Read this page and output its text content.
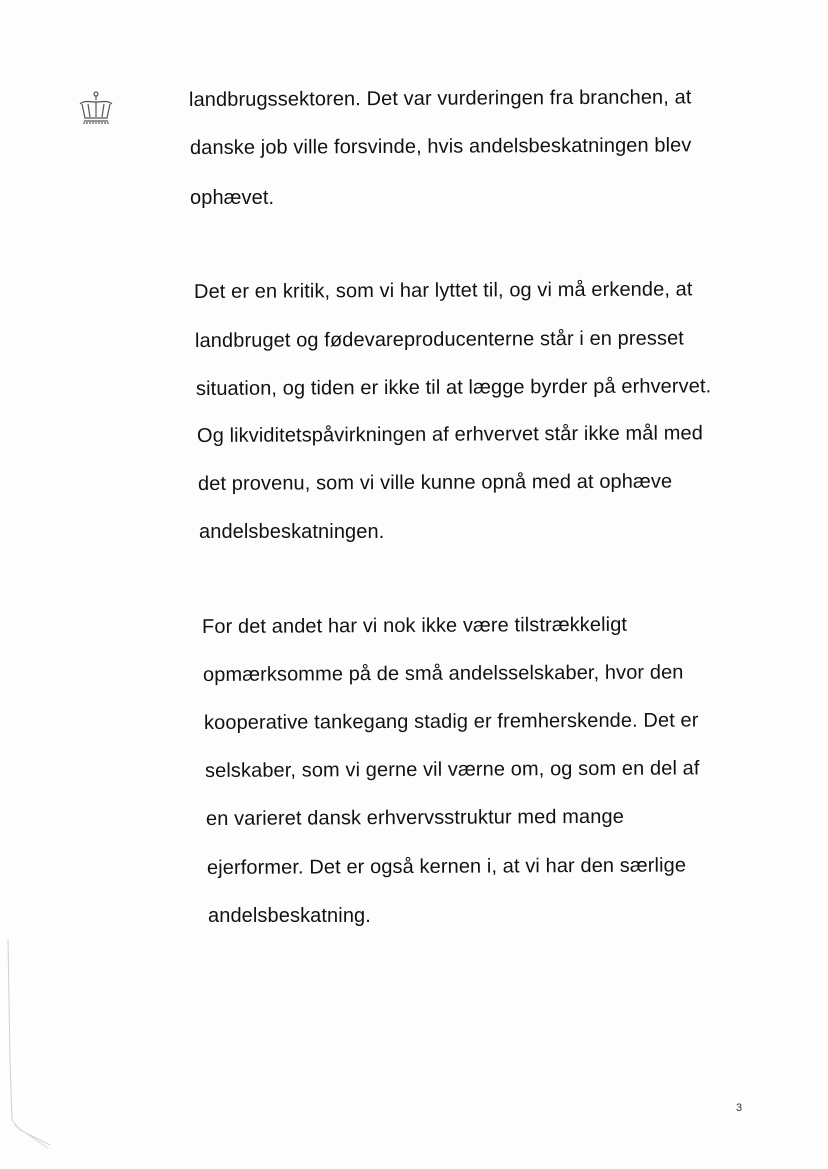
landbrugssektoren. Det var vurderingen fra branchen, at
danske job ville forsvinde, hvis andelsbeskatningen blev
ophævet.
Det er en kritik, som vi har lyttet til, og vi må erkende, at
landbruget og fødevareproducenterne står i en presset
situation, og tiden er ikke til at lægge byrder på erhvervet.
Og likviditetspåvirkningen af erhvervet står ikke mål med
det provenu, som vi ville kunne opnå med at ophæve
andelsbeskatningen.
For det andet har vi nok ikke være tilstrækkeligt
opmærksomme på de små andelsselskaber, hvor den
kooperative tankegang stadig er fremherskende. Det er
selskaber, som vi gerne vil værne om, og som en del af
en varieret dansk erhvervsstruktur med mange
ejerformer. Det er også kernen i, at vi har den særlige
andelsbeskatning.
3
